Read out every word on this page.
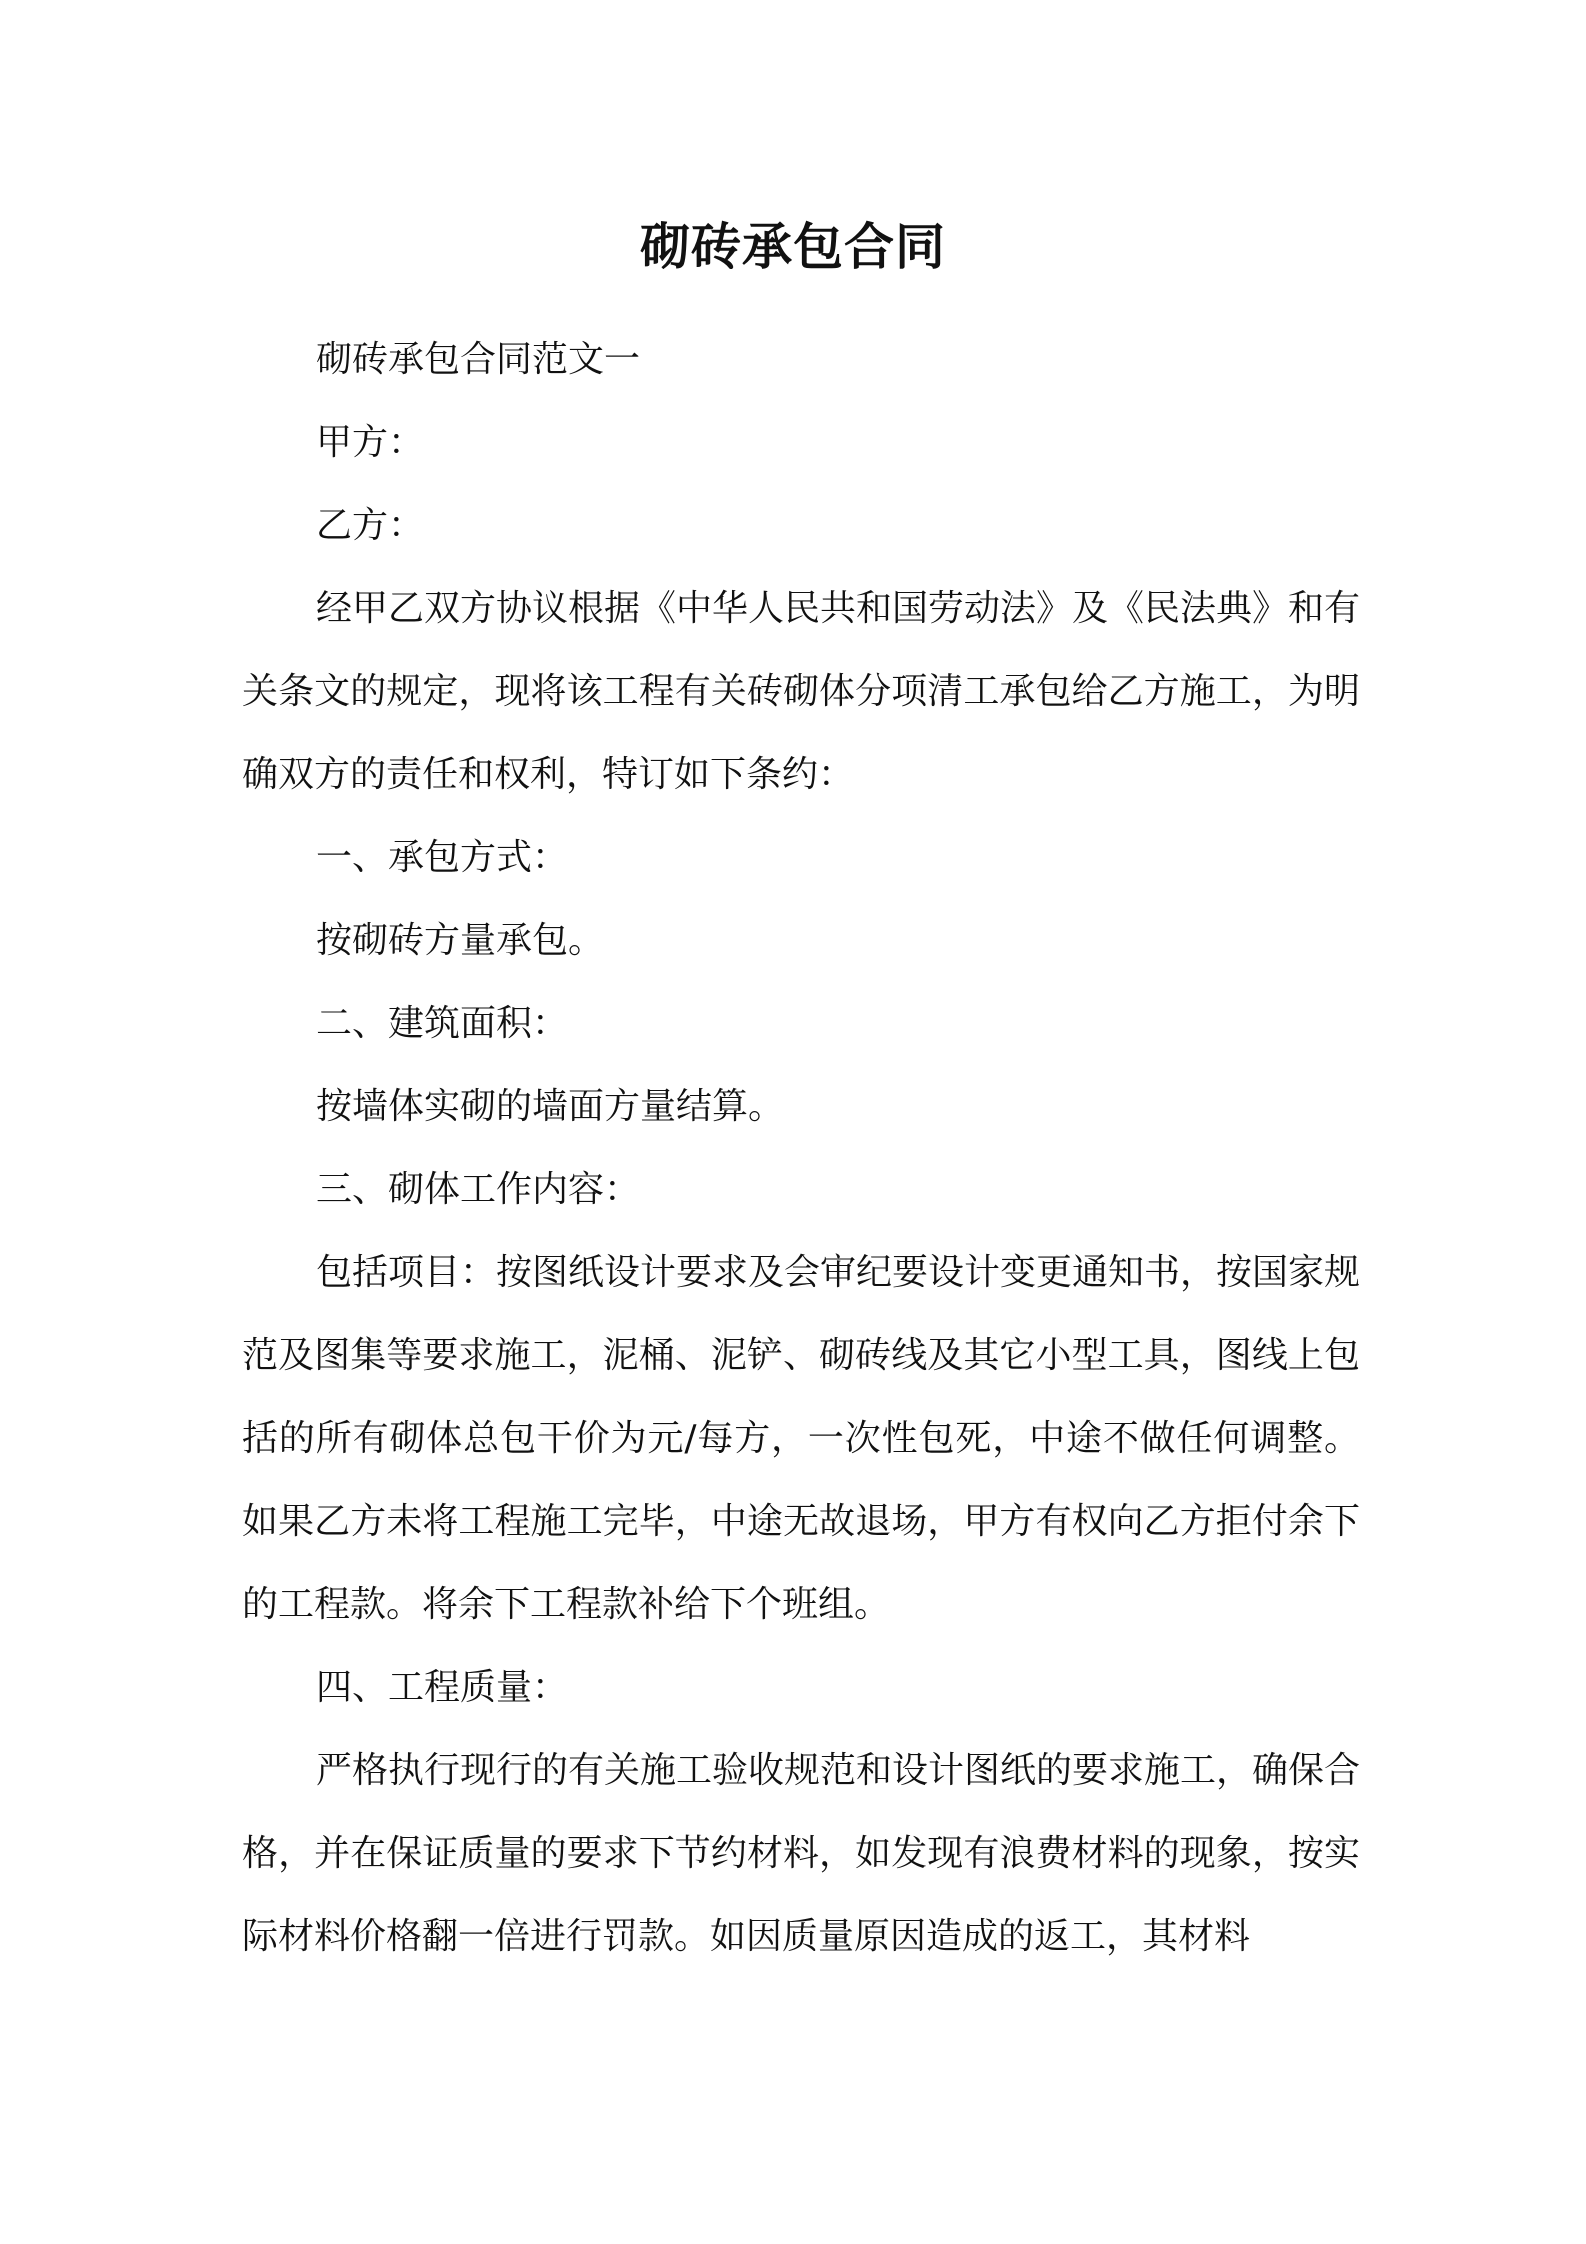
砌砖承包合同

砌砖承包合同范文一

甲方：

乙方：

经甲乙双方协议根据《中华人民共和国劳动法》及《民法典》和有关条文的规定，现将该工程有关砖砌体分项清工承包给乙方施工，为明确双方的责任和权利，特订如下条约：

一、承包方式：

按砌砖方量承包。

二、建筑面积：

按墙体实砌的墙面方量结算。

三、砌体工作内容：

包括项目：按图纸设计要求及会审纪要设计变更通知书，按国家规范及图集等要求施工，泥桶、泥铲、砌砖线及其它小型工具，图线上包括的所有砌体总包干价为元/每方，一次性包死，中途不做任何调整。如果乙方未将工程施工完毕，中途无故退场，甲方有权向乙方拒付余下的工程款。将余下工程款补给下个班组。

四、工程质量：

严格执行现行的有关施工验收规范和设计图纸的要求施工，确保合格，并在保证质量的要求下节约材料，如发现有浪费材料的现象，按实际材料价格翻一倍进行罚款。如因质量原因造成的返工，其材料
